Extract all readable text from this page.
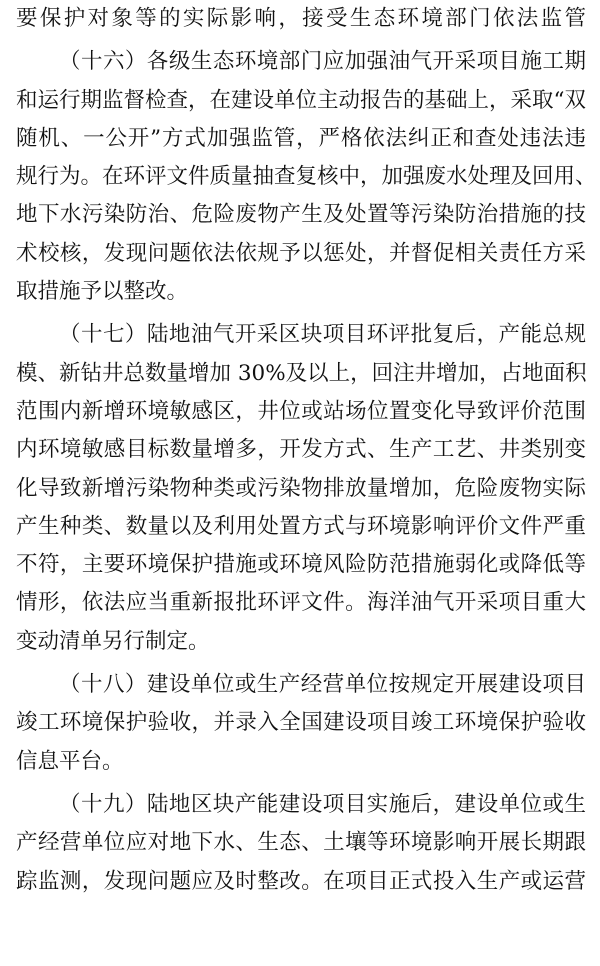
要保护对象等的实际影响，接受生态环境部门依法监管
（十六）各级生态环境部门应加强油气开采项目施工期
和运行期监督检查，在建设单位主动报告的基础上，采取“双
随机、一公开”方式加强监管，严格依法纠正和查处违法违
规行为。在环评文件质量抽查复核中，加强废水处理及回用、
地下水污染防治、危险废物产生及处置等污染防治措施的技
术校核，发现问题依法依规予以惩处，并督促相关责任方采
取措施予以整改。
（十七）陆地油气开采区块项目环评批复后，产能总规
模、新钻井总数量增加 30%及以上，回注井增加，占地面积
范围内新增环境敏感区，井位或站场位置变化导致评价范围
内环境敏感目标数量增多，开发方式、生产工艺、井类别变
化导致新增污染物种类或污染物排放量增加，危险废物实际
产生种类、数量以及利用处置方式与环境影响评价文件严重
不符，主要环境保护措施或环境风险防范措施弱化或降低等
情形，依法应当重新报批环评文件。海洋油气开采项目重大
变动清单另行制定。
（十八）建设单位或生产经营单位按规定开展建设项目
竣工环境保护验收，并录入全国建设项目竣工环境保护验收
信息平台。
（十九）陆地区块产能建设项目实施后，建设单位或生
产经营单位应对地下水、生态、土壤等环境影响开展长期跟
踪监测，发现问题应及时整改。在项目正式投入生产或运营
